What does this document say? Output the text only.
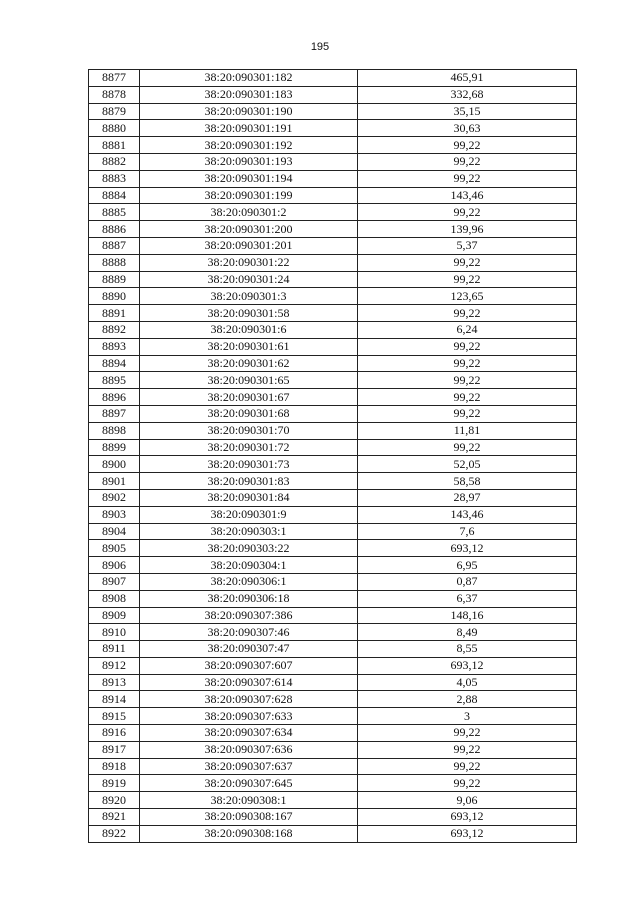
195
8877	38:20:090301:182	465,91
8878	38:20:090301:183	332,68
8879	38:20:090301:190	35,15
8880	38:20:090301:191	30,63
8881	38:20:090301:192	99,22
8882	38:20:090301:193	99,22
8883	38:20:090301:194	99,22
8884	38:20:090301:199	143,46
8885	38:20:090301:2	99,22
8886	38:20:090301:200	139,96
8887	38:20:090301:201	5,37
8888	38:20:090301:22	99,22
8889	38:20:090301:24	99,22
8890	38:20:090301:3	123,65
8891	38:20:090301:58	99,22
8892	38:20:090301:6	6,24
8893	38:20:090301:61	99,22
8894	38:20:090301:62	99,22
8895	38:20:090301:65	99,22
8896	38:20:090301:67	99,22
8897	38:20:090301:68	99,22
8898	38:20:090301:70	11,81
8899	38:20:090301:72	99,22
8900	38:20:090301:73	52,05
8901	38:20:090301:83	58,58
8902	38:20:090301:84	28,97
8903	38:20:090301:9	143,46
8904	38:20:090303:1	7,6
8905	38:20:090303:22	693,12
8906	38:20:090304:1	6,95
8907	38:20:090306:1	0,87
8908	38:20:090306:18	6,37
8909	38:20:090307:386	148,16
8910	38:20:090307:46	8,49
8911	38:20:090307:47	8,55
8912	38:20:090307:607	693,12
8913	38:20:090307:614	4,05
8914	38:20:090307:628	2,88
8915	38:20:090307:633	3
8916	38:20:090307:634	99,22
8917	38:20:090307:636	99,22
8918	38:20:090307:637	99,22
8919	38:20:090307:645	99,22
8920	38:20:090308:1	9,06
8921	38:20:090308:167	693,12
8922	38:20:090308:168	693,12
